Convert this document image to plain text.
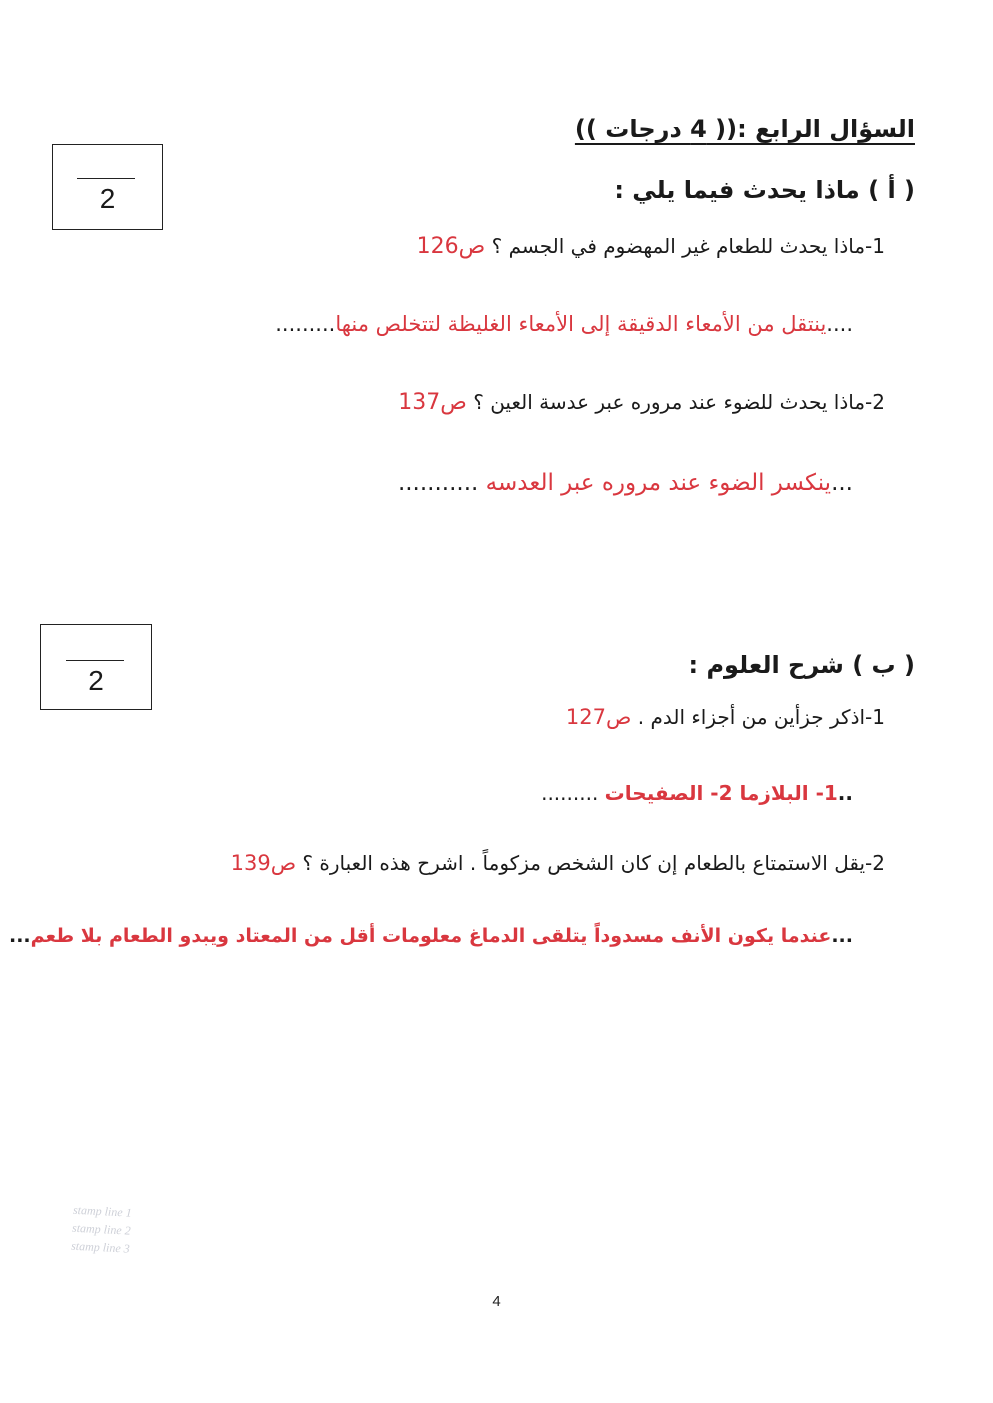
السؤال الرابع :(( 4 درجات ))
2	( أ ) ماذا يحدث فيما يلي :
1-ماذا يحدث للطعام غير المهضوم في الجسم ؟ ص126
....ينتقل من الأمعاء الدقيقة إلى الأمعاء الغليظة لتتخلص منها.........
2-ماذا يحدث للضوء عند مروره عبر عدسة العين ؟ ص137
...ينكسر الضوء عند مروره عبر العدسه ...........
2	( ب ) شرح العلوم :
1-اذكر جزأين من أجزاء الدم . ص127
..1- البلازما 2- الصفيحات .........
2-يقل الاستمتاع بالطعام إن كان الشخص مزكوماً . اشرح هذه العبارة ؟ ص139
...عندما يكون الأنف مسدوداً يتلقى الدماغ معلومات أقل من المعتاد ويبدو الطعام بلا طعم...
stamp line 1
stamp line 2
stamp line 3
4
